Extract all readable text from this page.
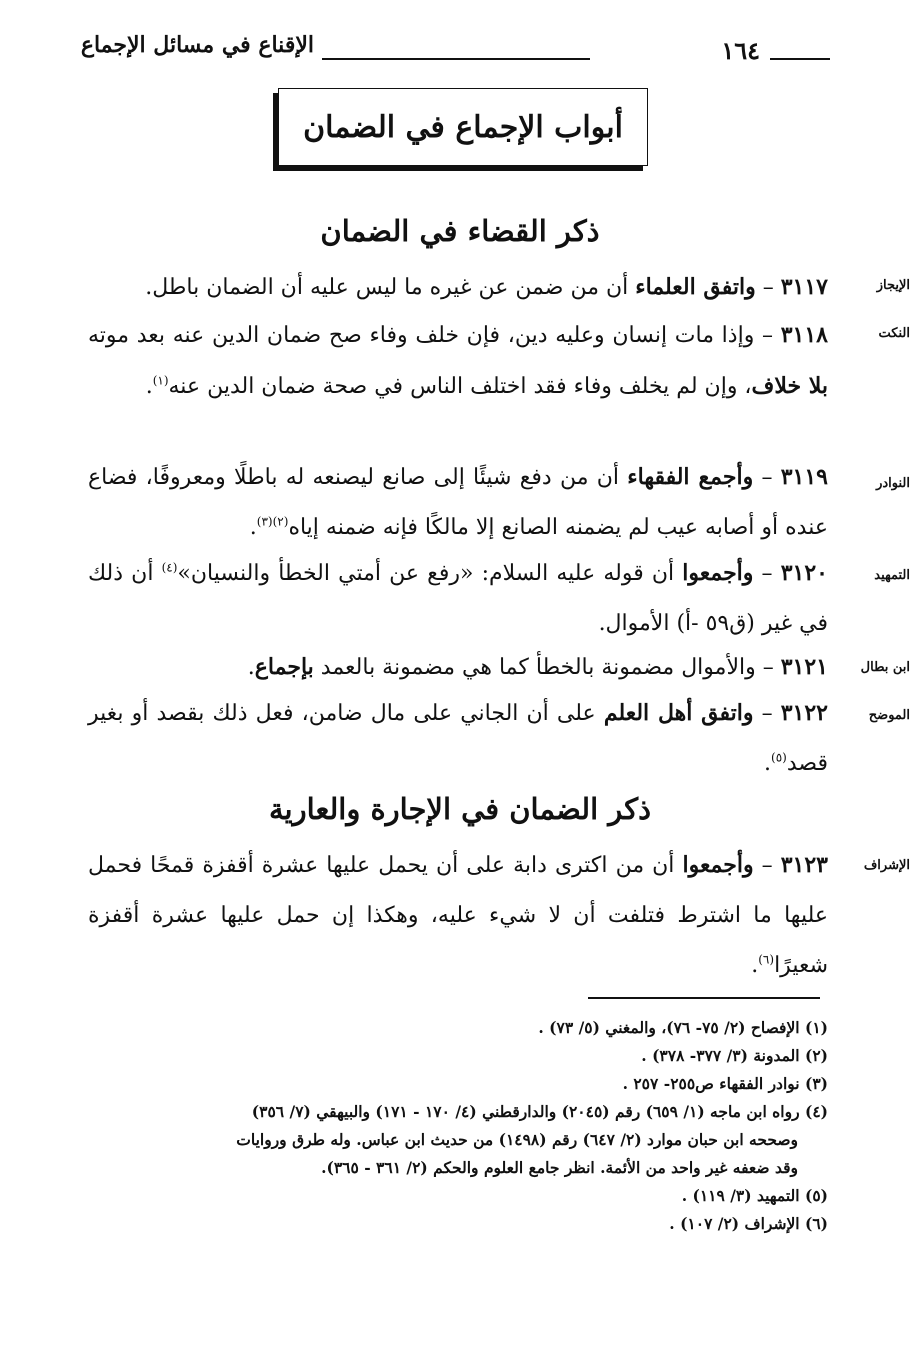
الإقناع في مسائل الإجماع	١٦٤
أبواب الإجماع في الضمان
ذكر القضاء في الضمان
الإيجاز
٣١١٧ – واتفق العلماء أن من ضمن عن غيره ما ليس عليه أن الضمان باطل.
النكت
٣١١٨ – وإذا مات إنسان وعليه دين، فإن خلف وفاء صح ضمان الدين عنه بعد موته بلا خلاف، وإن لم يخلف وفاء فقد اختلف الناس في صحة ضمان الدين عنه$^{(١)}$.
النوادر
٣١١٩ – وأجمع الفقهاء أن من دفع شيئًا إلى صانع ليصنعه له باطلًا ومعروفًا، فضاع عنده أو أصابه عيب لم يضمنه الصانع إلا مالكًا فإنه ضمنه إياه$^{(٢)(٣)}$.
التمهيد
٣١٢٠ – وأجمعوا أن قوله عليه السلام: «رفع عن أمتي الخطأ والنسيان»$^{(٤)}$ أن ذلك في غير (ق٥٩ -أ) الأموال.
ابن بطال
٣١٢١ – والأموال مضمونة بالخطأ كما هي مضمونة بالعمد بإجماع.
الموضح
٣١٢٢ – واتفق أهل العلم على أن الجاني على مال ضامن، فعل ذلك بقصد أو بغير قصد$^{(٥)}$.
ذكر الضمان في الإجارة والعارية
الإشراف
٣١٢٣ – وأجمعوا أن من اكترى دابة على أن يحمل عليها عشرة أقفزة قمحًا فحمل عليها ما اشترط فتلفت أن لا شيء عليه، وهكذا إن حمل عليها عشرة أقفزة شعيرًا$^{(٦)}$.
(١) الإفصاح (٢/ ٧٥- ٧٦)، والمغني (٥/ ٧٣) .
(٢) المدونة (٣/ ٣٧٧- ٣٧٨) .
(٣) نوادر الفقهاء ص٢٥٥- ٢٥٧ .
(٤) رواه ابن ماجه (١/ ٦٥٩) رقم (٢٠٤٥) والدارقطني (٤/ ١٧٠ - ١٧١) والبيهقي (٧/ ٣٥٦)
وصححه ابن حبان موارد (٢/ ٦٤٧) رقم (١٤٩٨) من حديث ابن عباس. وله طرق وروايات
وقد ضعفه غير واحد من الأئمة. انظر جامع العلوم والحكم (٢/ ٣٦١ - ٣٦٥).
(٥) التمهيد (٣/ ١١٩) .
(٦) الإشراف (٢/ ١٠٧) .
